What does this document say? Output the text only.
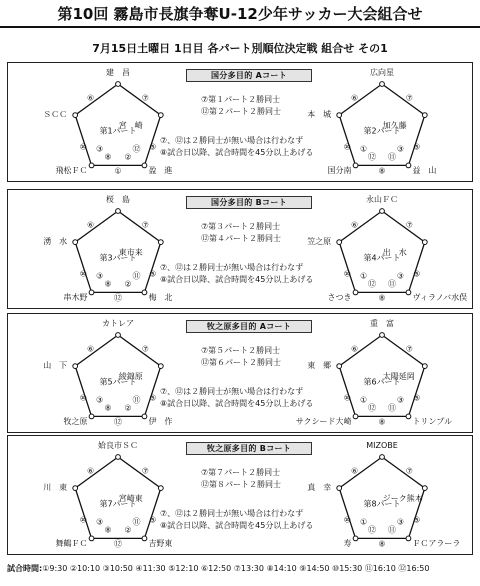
第10回 霧島市長旗争奪U-12少年サッカー大会組合せ
7月15日土曜日 1日目 各パート別順位決定戦 組合せ その1
国分多目的 Aコート
第1パート
建　昌
宮　崎
盈　進
飛松ＦＣ
ＳＣＣ
⑥	⑦
⑩	⑤
①
⑧
③	⑫
②
第2パート
広向星
加久藤
益　山
国分南
本　城
⑥	⑦
⑩	⑤
⑧
⑫
①	③
⑪
⑦第１パート２勝同士
⑫第２パート２勝同士
⑦、⑫は２勝同士が無い場合は行わなず
⑧試合日以降、試合時間を45分以上あげる
国分多目的 Bコート
第3パート
桜　島
東市来
梅　北
串木野
湧　水
⑥	⑦
⑩	⑤
⑫
⑧
③	⑪
②
第4パート
永山ＦＣ
出　水
ヴィラノバ水俣
さつき
笠之原
⑥	⑦
⑩	⑤
⑧
⑫
①	③
⑪
⑦第３パート２勝同士
⑫第４パート２勝同士
⑦、⑫は２勝同士が無い場合は行わなず
⑧試合日以降、試合時間を45分以上あげる
牧之原多目的 Aコート
第5パート
カトレア
綾錦原
伊　作
牧之原
山　下
⑥	⑦
⑩	⑤
⑫
⑧
③	⑪
②
第6パート
重　富
太陽延岡
トリンプル
サクシード大崎
東　郷
⑥	⑦
⑩	⑤
⑧
⑫
①	③
⑪
⑦第５パート２勝同士
⑫第６パート２勝同士
⑦、⑫は２勝同士が無い場合は行わなず
⑧試合日以降、試合時間を45分以上あげる
牧之原多目的 Bコート
第7パート
姶良市ＳＣ
宮崎東
吉野東
舞鶴ＦＣ
川　東
⑥	⑦
⑩	⑤
⑫
⑧
③	⑪
②
第8パート
MIZOBE
ジーク熊本
ＦＣアラーラ
寿
真　幸
⑥	⑦
⑩	⑤
⑧
⑫
①	③
⑪
⑦第７パート２勝同士
⑫第８パート２勝同士
⑦、⑫は２勝同士が無い場合は行わなず
⑧試合日以降、試合時間を45分以上あげる
試合時間:①9:30 ②10:10 ③10:50 ④11:30 ⑤12:10 ⑥12:50 ⑦13:30 ⑧14:10 ⑨14:50 ⑩15:30 ⑪16:10 ⑫16:50
